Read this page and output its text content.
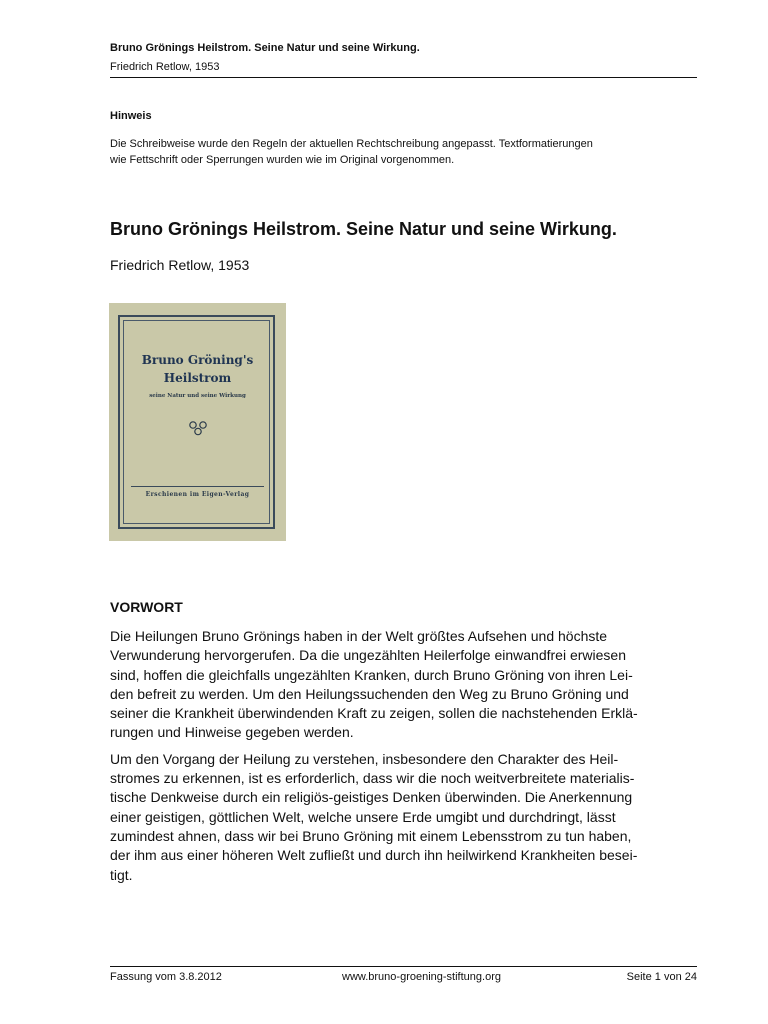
Bruno Grönings Heilstrom. Seine Natur und seine Wirkung.
Friedrich Retlow, 1953
Hinweis
Die Schreibweise wurde den Regeln der aktuellen Rechtschreibung angepasst. Textformatierungen
wie Fettschrift oder Sperrungen wurden wie im Original vorgenommen.
Bruno Grönings Heilstrom. Seine Natur und seine Wirkung.
Friedrich Retlow, 1953
Bruno Gröning's
Heilstrom
seine Natur und seine Wirkung
Erschienen im Eigen-Verlag
VORWORT

Die Heilungen Bruno Grönings haben in der Welt größtes Aufsehen und höchste
Verwunderung hervorgerufen. Da die ungezählten Heilerfolge einwandfrei erwiesen
sind, hoffen die gleichfalls ungezählten Kranken, durch Bruno Gröning von ihren Lei-
den befreit zu werden. Um den Heilungssuchenden den Weg zu Bruno Gröning und
seiner die Krankheit überwindenden Kraft zu zeigen, sollen die nachstehenden Erklä-
rungen und Hinweise gegeben werden.

Um den Vorgang der Heilung zu verstehen, insbesondere den Charakter des Heil-
stromes zu erkennen, ist es erforderlich, dass wir die noch weitverbreitete materialis-
tische Denkweise durch ein religiös-geistiges Denken überwinden. Die Anerkennung
einer geistigen, göttlichen Welt, welche unsere Erde umgibt und durchdringt, lässt
zumindest ahnen, dass wir bei Bruno Gröning mit einem Lebensstrom zu tun haben,
der ihm aus einer höheren Welt zufließt und durch ihn heilwirkend Krankheiten besei-
tigt.

Fassung vom 3.8.2012	www.bruno-groening-stiftung.org	Seite 1 von 24
